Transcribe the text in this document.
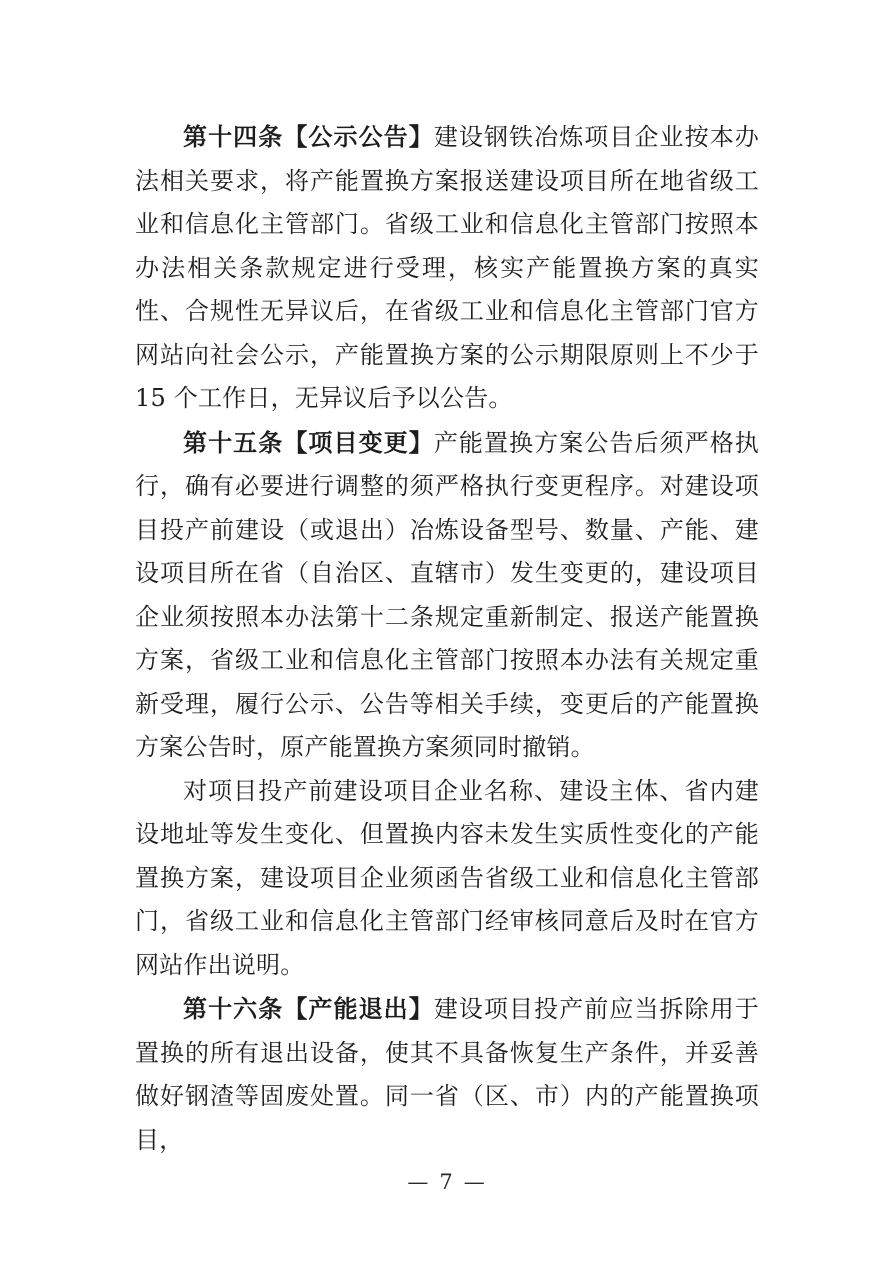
第十四条【公示公告】建设钢铁冶炼项目企业按本办法相关要求，将产能置换方案报送建设项目所在地省级工业和信息化主管部门。省级工业和信息化主管部门按照本办法相关条款规定进行受理，核实产能置换方案的真实性、合规性无异议后，在省级工业和信息化主管部门官方网站向社会公示，产能置换方案的公示期限原则上不少于 15 个工作日，无异议后予以公告。

第十五条【项目变更】产能置换方案公告后须严格执行，确有必要进行调整的须严格执行变更程序。对建设项目投产前建设（或退出）冶炼设备型号、数量、产能、建设项目所在省（自治区、直辖市）发生变更的，建设项目企业须按照本办法第十二条规定重新制定、报送产能置换方案，省级工业和信息化主管部门按照本办法有关规定重新受理，履行公示、公告等相关手续，变更后的产能置换方案公告时，原产能置换方案须同时撤销。

对项目投产前建设项目企业名称、建设主体、省内建设地址等发生变化、但置换内容未发生实质性变化的产能置换方案，建设项目企业须函告省级工业和信息化主管部门，省级工业和信息化主管部门经审核同意后及时在官方网站作出说明。

第十六条【产能退出】建设项目投产前应当拆除用于置换的所有退出设备，使其不具备恢复生产条件，并妥善做好钢渣等固废处置。同一省（区、市）内的产能置换项目，

— 7 —
